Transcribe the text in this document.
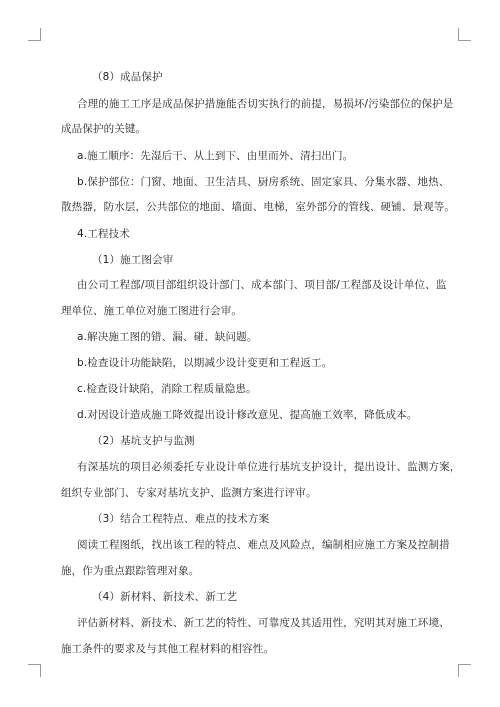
（8）成品保护
合理的施工工序是成品保护措施能否切实执行的前提，易损坏/污染部位的保护是
成品保护的关键。
a.施工顺序：先湿后干、从上到下、由里而外、清扫出门。
b.保护部位：门窗、地面、卫生洁具、厨房系统、固定家具、分集水器、地热、
散热器，防水层，公共部位的地面、墙面、电梯，室外部分的管线、硬铺、景观等。
4.工程技术
（1）施工图会审
由公司工程部/项目部组织设计部门、成本部门、项目部/工程部及设计单位、监
理单位、施工单位对施工图进行会审。
a.解决施工图的错、漏、碰、缺问题。
b.检查设计功能缺陷，以期减少设计变更和工程返工。
c.检查设计缺陷，消除工程质量隐患。
d.对因设计造成施工降效提出设计修改意见、提高施工效率，降低成本。
（2）基坑支护与监测
有深基坑的项目必须委托专业设计单位进行基坑支护设计，提出设计、监测方案，
组织专业部门、专家对基坑支护、监测方案进行评审。
（3）结合工程特点、难点的技术方案
阅读工程图纸，找出该工程的特点、难点及风险点，编制相应施工方案及控制措
施，作为重点跟踪管理对象。
（4）新材料、新技术、新工艺
评估新材料、新技术、新工艺的特性、可靠度及其适用性，究明其对施工环境、
施工条件的要求及与其他工程材料的相容性。
